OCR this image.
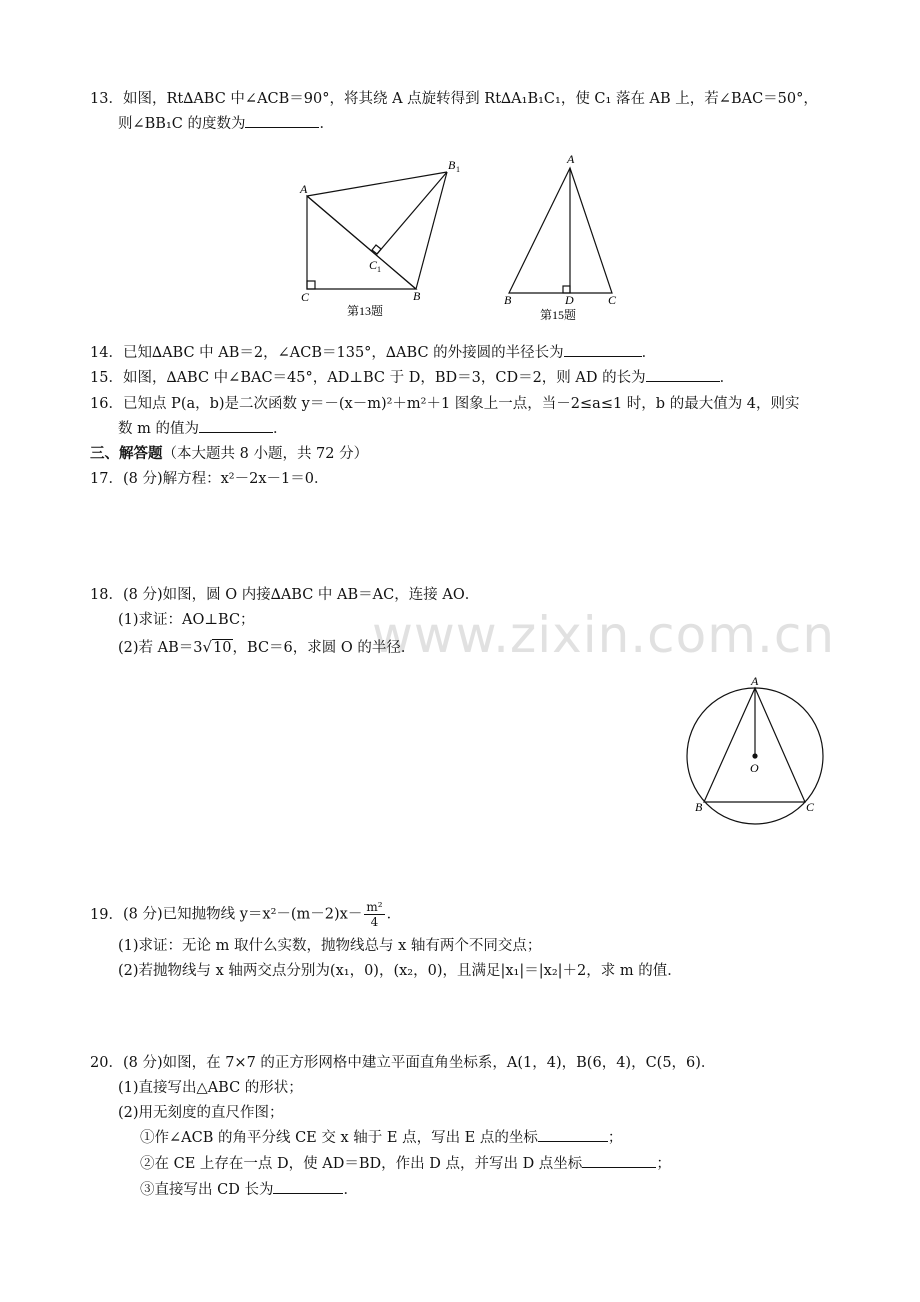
www.zixin.com.cn
13．如图，Rt∆ABC 中∠ACB＝90°，将其绕 A 点旋转得到 Rt∆A₁B₁C₁，使 C₁ 落在 AB 上，若∠BAC＝50°，
则∠BB₁C 的度数为	．
A
B 1
C 1
C	B
第13题
A
B	D	C
第15题
14．已知∆ABC 中 AB＝2，∠ACB＝135°，∆ABC 的外接圆的半径长为	．
15．如图，∆ABC 中∠BAC＝45°，AD⊥BC 于 D，BD＝3，CD＝2，则 AD 的长为	．
16．已知点 P(a，b)是二次函数 y＝－(x－m)²＋m²＋1 图象上一点，当－2≤a≤1 时，b 的最大值为 4，则实
数 m 的值为	．
三、解答题（本大题共 8 小题，共 72 分）
17．(8 分)解方程：x²－2x－1＝0．
18．(8 分)如图，圆 O 内接∆ABC 中 AB＝AC，连接 AO．
(1)求证：AO⊥BC；
(2)若 AB＝3√10，BC＝6，求圆 O 的半径．
A
O
B	C
19．(8 分)已知抛物线 $y=x^2-(m-2)x- \frac{\text{m²}}{4}$ ．
(1)求证：无论 m 取什么实数，抛物线总与 x 轴有两个不同交点；
(2)若抛物线与 x 轴两交点分别为(x₁，0)，(x₂，0)，且满足|x₁|＝|x₂|＋2，求 m 的值．
20．(8 分)如图，在 7×7 的正方形网格中建立平面直角坐标系，A(1，4)，B(6，4)，C(5，6)．
(1)直接写出△ABC 的形状；
(2)用无刻度的直尺作图；
①作∠ACB 的角平分线 CE 交 x 轴于 E 点，写出 E 点的坐标	；
②在 CE 上存在一点 D，使 AD＝BD，作出 D 点，并写出 D 点坐标	；
③直接写出 CD 长为	．
